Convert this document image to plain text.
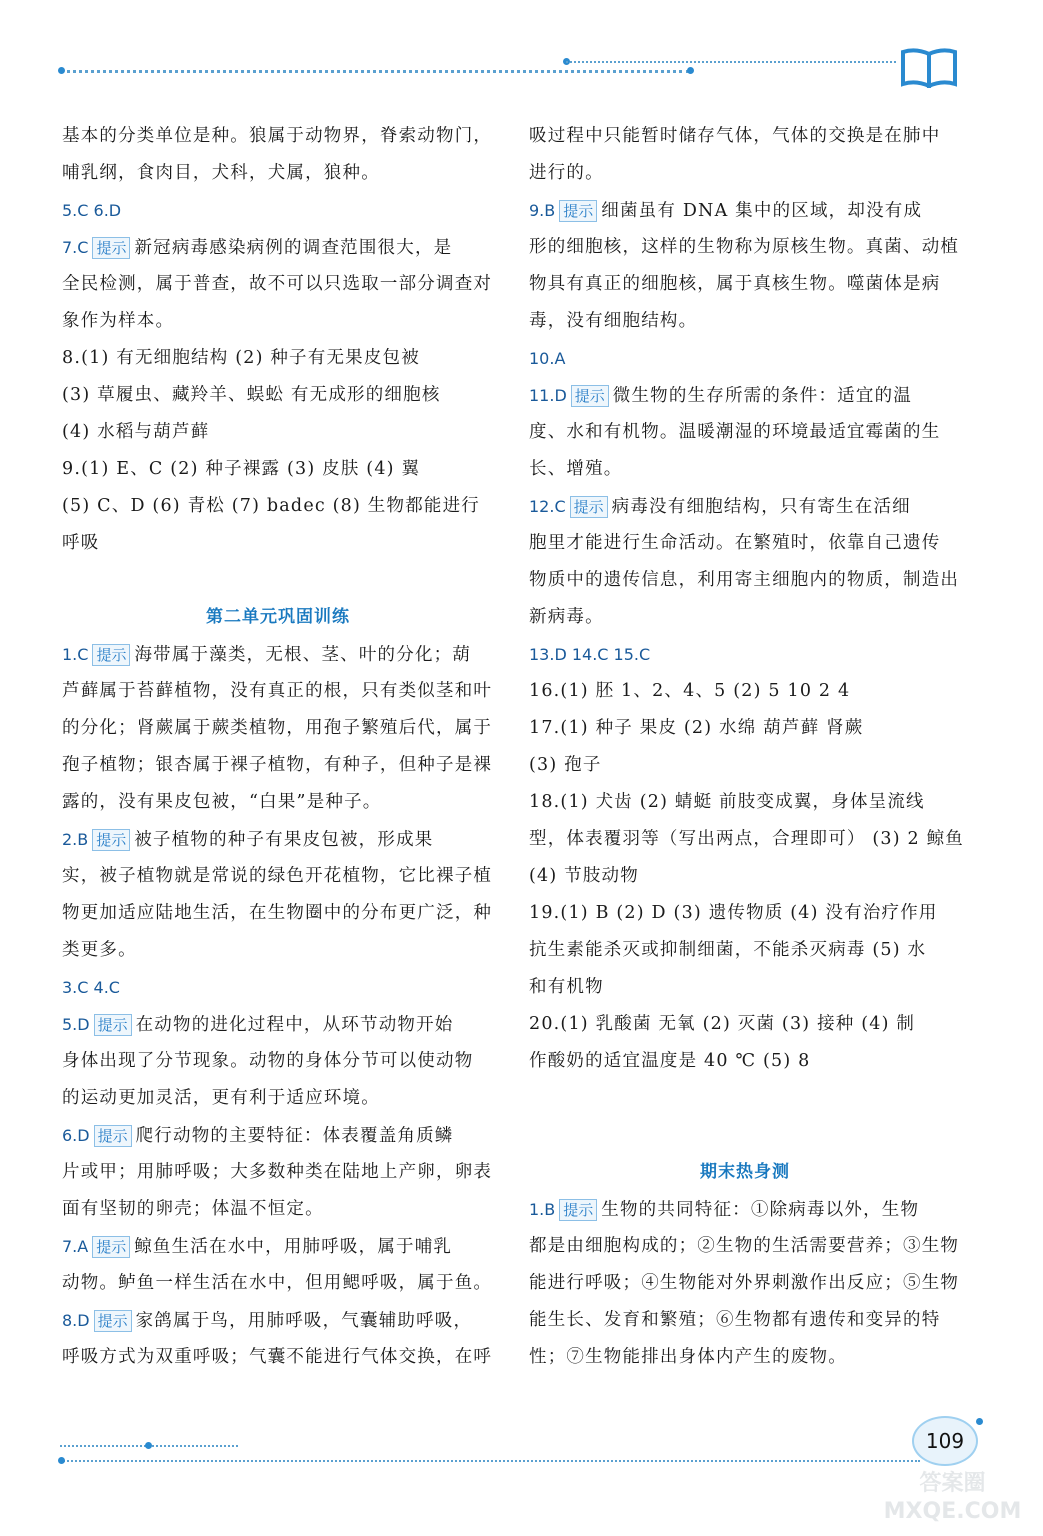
基本的分类单位是种。狼属于动物界，脊索动物门，
哺乳纲，食肉目，犬科，犬属，狼种。
5.C 6.D
7.C 提示 新冠病毒感染病例的调查范围很大，是
全民检测，属于普查，故不可以只选取一部分调查对
象作为样本。
8.(1) 有无细胞结构 (2) 种子有无果皮包被
(3) 草履虫、藏羚羊、蜈蚣 有无成形的细胞核
(4) 水稻与葫芦藓
9.(1) E、C (2) 种子裸露 (3) 皮肤 (4) 翼
(5) C、D (6) 青松 (7) badec (8) 生物都能进行
呼吸
第二单元巩固训练
1.C 提示 海带属于藻类，无根、茎、叶的分化；葫
芦藓属于苔藓植物，没有真正的根，只有类似茎和叶
的分化；肾蕨属于蕨类植物，用孢子繁殖后代，属于
孢子植物；银杏属于裸子植物，有种子，但种子是裸
露的，没有果皮包被，“白果”是种子。
2.B 提示 被子植物的种子有果皮包被，形成果
实，被子植物就是常说的绿色开花植物，它比裸子植
物更加适应陆地生活，在生物圈中的分布更广泛，种
类更多。
3.C 4.C
5.D 提示 在动物的进化过程中，从环节动物开始
身体出现了分节现象。动物的身体分节可以使动物
的运动更加灵活，更有利于适应环境。
6.D 提示 爬行动物的主要特征：体表覆盖角质鳞
片或甲；用肺呼吸；大多数种类在陆地上产卵，卵表
面有坚韧的卵壳；体温不恒定。
7.A 提示 鲸鱼生活在水中，用肺呼吸，属于哺乳
动物。鲈鱼一样生活在水中，但用鳃呼吸，属于鱼。
8.D 提示 家鸽属于鸟，用肺呼吸，气囊辅助呼吸，
呼吸方式为双重呼吸；气囊不能进行气体交换，在呼
吸过程中只能暂时储存气体，气体的交换是在肺中
进行的。
9.B 提示 细菌虽有 DNA 集中的区域，却没有成
形的细胞核，这样的生物称为原核生物。真菌、动植
物具有真正的细胞核，属于真核生物。噬菌体是病
毒，没有细胞结构。
10.A
11.D 提示 微生物的生存所需的条件：适宜的温
度、水和有机物。温暖潮湿的环境最适宜霉菌的生
长、增殖。
12.C 提示 病毒没有细胞结构，只有寄生在活细
胞里才能进行生命活动。在繁殖时，依靠自己遗传
物质中的遗传信息，利用寄主细胞内的物质，制造出
新病毒。
13.D 14.C 15.C
16.(1) 胚 1、2、4、5 (2) 5 10 2 4
17.(1) 种子 果皮 (2) 水绵 葫芦藓 肾蕨
(3) 孢子
18.(1) 犬齿 (2) 蜻蜓 前肢变成翼，身体呈流线
型，体表覆羽等（写出两点，合理即可） (3) 2 鲸鱼
(4) 节肢动物
19.(1) B (2) D (3) 遗传物质 (4) 没有治疗作用
抗生素能杀灭或抑制细菌，不能杀灭病毒 (5) 水
和有机物
20.(1) 乳酸菌 无氧 (2) 灭菌 (3) 接种 (4) 制
作酸奶的适宜温度是 40 ℃ (5) 8
期末热身测
1.B 提示 生物的共同特征：①除病毒以外，生物
都是由细胞构成的；②生物的生活需要营养；③生物
能进行呼吸；④生物能对外界刺激作出反应；⑤生物
能生长、发育和繁殖；⑥生物都有遗传和变异的特
性；⑦生物能排出身体内产生的废物。
109
答案圈
MXQE.COM
